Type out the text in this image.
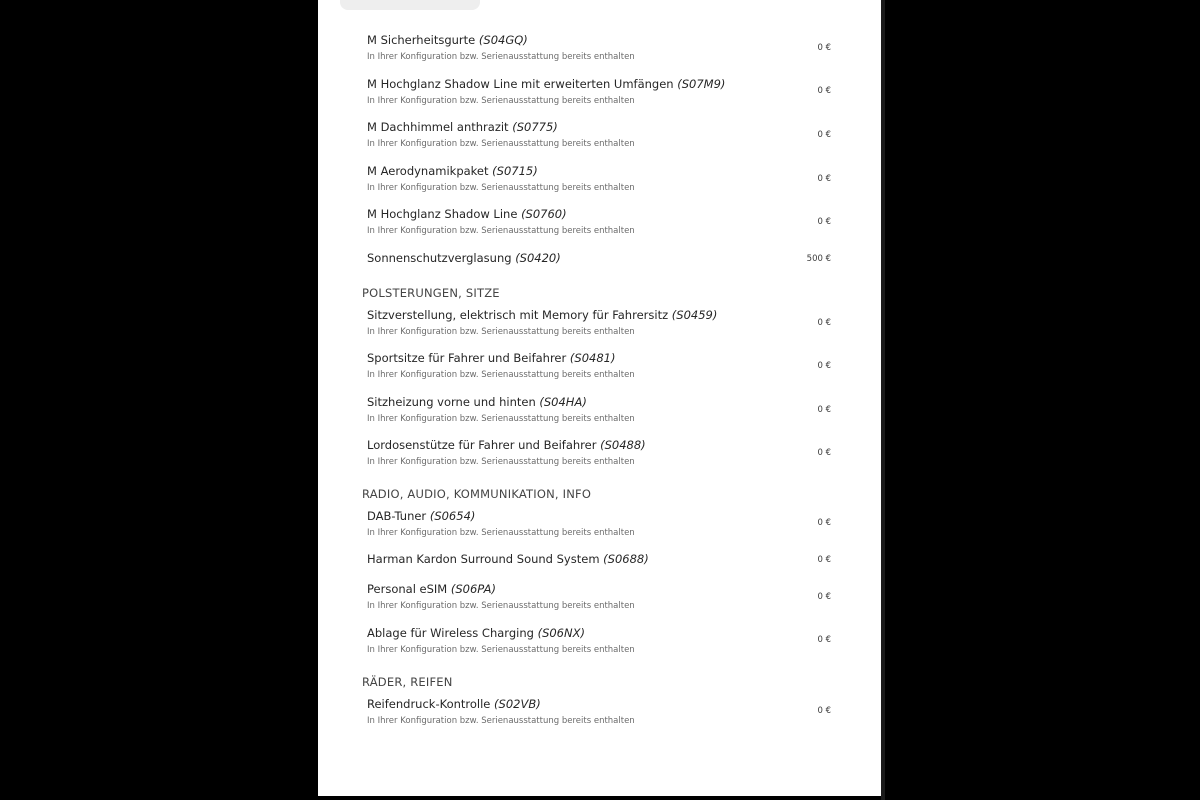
M Sicherheitsgurte (S04GQ)
In Ihrer Konfiguration bzw. Serienausstattung bereits enthalten
0 €
M Hochglanz Shadow Line mit erweiterten Umfängen (S07M9)
In Ihrer Konfiguration bzw. Serienausstattung bereits enthalten
0 €
M Dachhimmel anthrazit (S0775)
In Ihrer Konfiguration bzw. Serienausstattung bereits enthalten
0 €
M Aerodynamikpaket (S0715)
In Ihrer Konfiguration bzw. Serienausstattung bereits enthalten
0 €
M Hochglanz Shadow Line (S0760)
In Ihrer Konfiguration bzw. Serienausstattung bereits enthalten
0 €
Sonnenschutzverglasung (S0420)	500 €
POLSTERUNGEN, SITZE
Sitzverstellung, elektrisch mit Memory für Fahrersitz (S0459)
In Ihrer Konfiguration bzw. Serienausstattung bereits enthalten
0 €
Sportsitze für Fahrer und Beifahrer (S0481)
In Ihrer Konfiguration bzw. Serienausstattung bereits enthalten
0 €
Sitzheizung vorne und hinten (S04HA)
In Ihrer Konfiguration bzw. Serienausstattung bereits enthalten
0 €
Lordosenstütze für Fahrer und Beifahrer (S0488)
In Ihrer Konfiguration bzw. Serienausstattung bereits enthalten
0 €
RADIO, AUDIO, KOMMUNIKATION, INFO
DAB-Tuner (S0654)
In Ihrer Konfiguration bzw. Serienausstattung bereits enthalten
0 €
Harman Kardon Surround Sound System (S0688)	0 €
Personal eSIM (S06PA)
In Ihrer Konfiguration bzw. Serienausstattung bereits enthalten
0 €
Ablage für Wireless Charging (S06NX)
In Ihrer Konfiguration bzw. Serienausstattung bereits enthalten
0 €
RÄDER, REIFEN
Reifendruck-Kontrolle (S02VB)
In Ihrer Konfiguration bzw. Serienausstattung bereits enthalten
0 €
